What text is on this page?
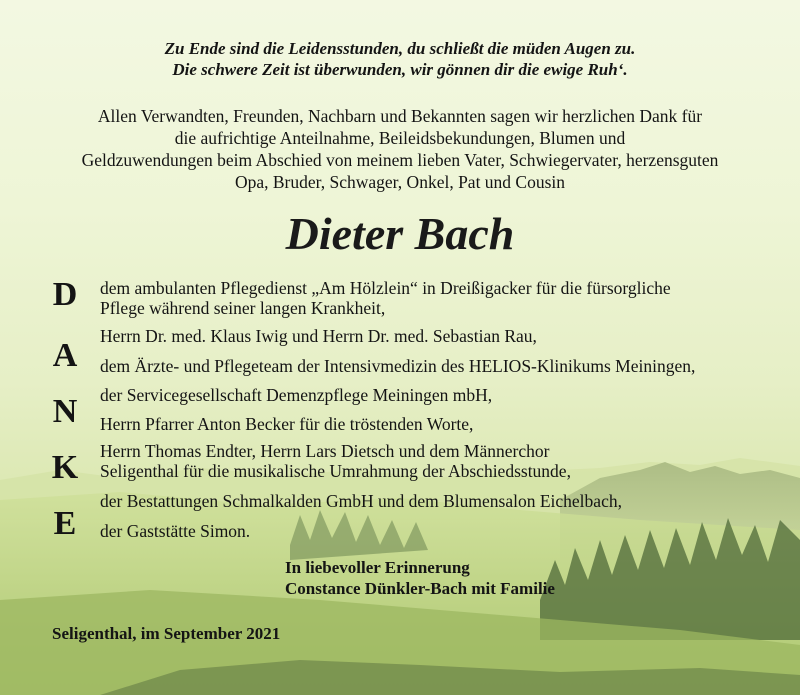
Zu Ende sind die Leidensstunden, du schließt die müden Augen zu.
Die schwere Zeit ist überwunden, wir gönnen dir die ewige Ruh‘.
Allen Verwandten, Freunden, Nachbarn und Bekannten sagen wir herzlichen Dank für
die aufrichtige Anteilnahme, Beileidsbekundungen, Blumen und
Geldzuwendungen beim Abschied von meinem lieben Vater, Schwiegervater, herzensguten
Opa, Bruder, Schwager, Onkel, Pat und Cousin
Dieter Bach
D
A
N
K
E
dem ambulanten Pflegedienst „Am Hölzlein“ in Dreißigacker für die fürsorgliche
Pflege während seiner langen Krankheit,
Herrn Dr. med. Klaus Iwig und Herrn Dr. med. Sebastian Rau,
dem Ärzte- und Pflegeteam der Intensivmedizin des HELIOS-Klinikums Meiningen,
der Servicegesellschaft Demenzpflege Meiningen mbH,
Herrn Pfarrer Anton Becker für die tröstenden Worte,
Herrn Thomas Endter, Herrn Lars Dietsch und dem Männerchor
Seligenthal für die musikalische Umrahmung der Abschiedsstunde,
der Bestattungen Schmalkalden GmbH und dem Blumensalon Eichelbach,
der Gaststätte Simon.
In liebevoller Erinnerung
Constance Dünkler-Bach mit Familie
Seligenthal, im September 2021
